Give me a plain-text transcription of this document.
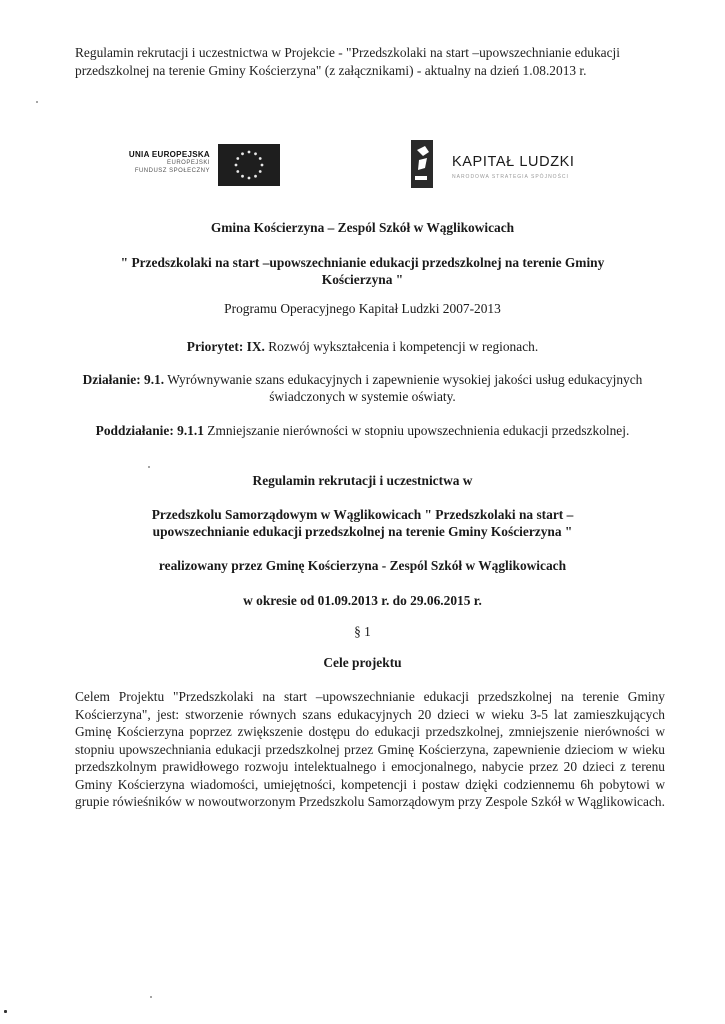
Regulamin rekrutacji i uczestnictwa w Projekcie - "Przedszkolaki na start –upowszechnianie edukacji przedszkolnej na terenie Gminy Kościerzyna" (z załącznikami) - aktualny na dzień 1.08.2013 r.
UNIA EUROPEJSKA
EUROPEJSKI
FUNDUSZ SPOŁECZNY
KAPITAŁ LUDZKI
NARODOWA STRATEGIA SPÓJNOŚCI
Gmina Kościerzyna – Zespól Szkół w Wąglikowicach
" Przedszkolaki na start –upowszechnianie edukacji przedszkolnej na terenie Gminy Kościerzyna "
Programu Operacyjnego Kapitał Ludzki 2007-2013
Priorytet: IX. Rozwój wykształcenia i kompetencji w regionach.
Działanie: 9.1. Wyrównywanie szans edukacyjnych i zapewnienie wysokiej jakości usług edukacyjnych świadczonych w systemie oświaty.
Poddziałanie: 9.1.1 Zmniejszanie nierówności w stopniu upowszechnienia edukacji przedszkolnej.
Regulamin rekrutacji i uczestnictwa w
Przedszkolu Samorządowym w Wąglikowicach " Przedszkolaki na start – upowszechnianie edukacji przedszkolnej na terenie Gminy Kościerzyna "
realizowany przez Gminę Kościerzyna - Zespól Szkół w Wąglikowicach
w okresie od 01.09.2013 r. do 29.06.2015 r.
§ 1
Cele projektu
Celem Projektu "Przedszkolaki na start –upowszechnianie edukacji przedszkolnej na terenie Gminy Kościerzyna", jest: stworzenie równych szans edukacyjnych 20 dzieci w wieku 3-5 lat zamieszkujących Gminę Kościerzyna poprzez zwiększenie dostępu do edukacji przedszkolnej, zmniejszenie nierówności w stopniu upowszechniania edukacji przedszkolnej przez Gminę Kościerzyna, zapewnienie dzieciom w wieku przedszkolnym prawidłowego rozwoju intelektualnego i emocjonalnego, nabycie przez 20 dzieci z terenu Gminy Kościerzyna wiadomości, umiejętności, kompetencji i postaw dzięki codziennemu 6h pobytowi w grupie rówieśników w nowoutworzonym Przedszkolu Samorządowym przy Zespole Szkół w Wąglikowicach.
